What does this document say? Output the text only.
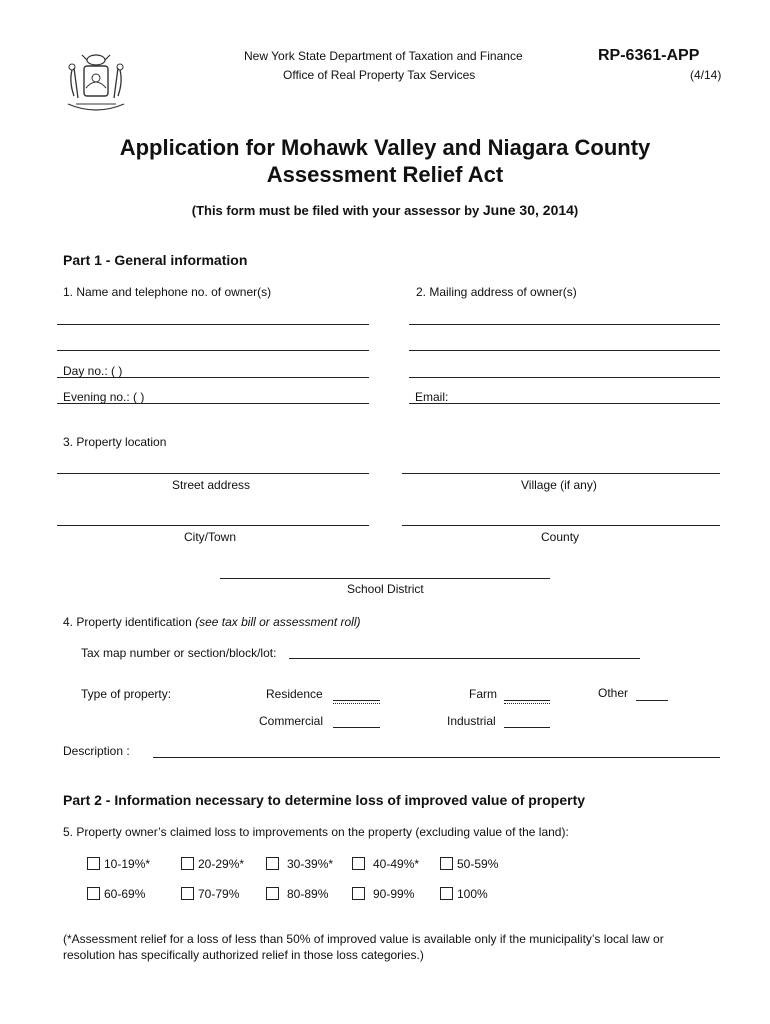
New York State Department of Taxation and Finance
Office of Real Property Tax Services
RP-6361-APP
(4/14)
Application for Mohawk Valley and Niagara County
Assessment Relief Act
(This form must be filed with your assessor by June 30, 2014)
Part 1 - General information
1. Name and telephone no. of owner(s)	2. Mailing address of owner(s)
Day no.: ( )
Evening no.: ( )	Email:
3. Property location
Street address	Village (if any)
City/Town	County
School District
4. Property identification (see tax bill or assessment roll)
Tax map number or section/block/lot:
Type of property:	Residence	Farm	Other
Commercial	Industrial
Description :
Part 2 - Information necessary to determine loss of improved value of property
5. Property owner’s claimed loss to improvements on the property (excluding value of the land):
10-19%*	20-29%*	30-39%*	40-49%*	50-59%
60-69%	70-79%	80-89%	90-99%	100%
(*Assessment relief for a loss of less than 50% of improved value is available only if the municipality’s local law or
resolution has specifically authorized relief in those loss categories.)
